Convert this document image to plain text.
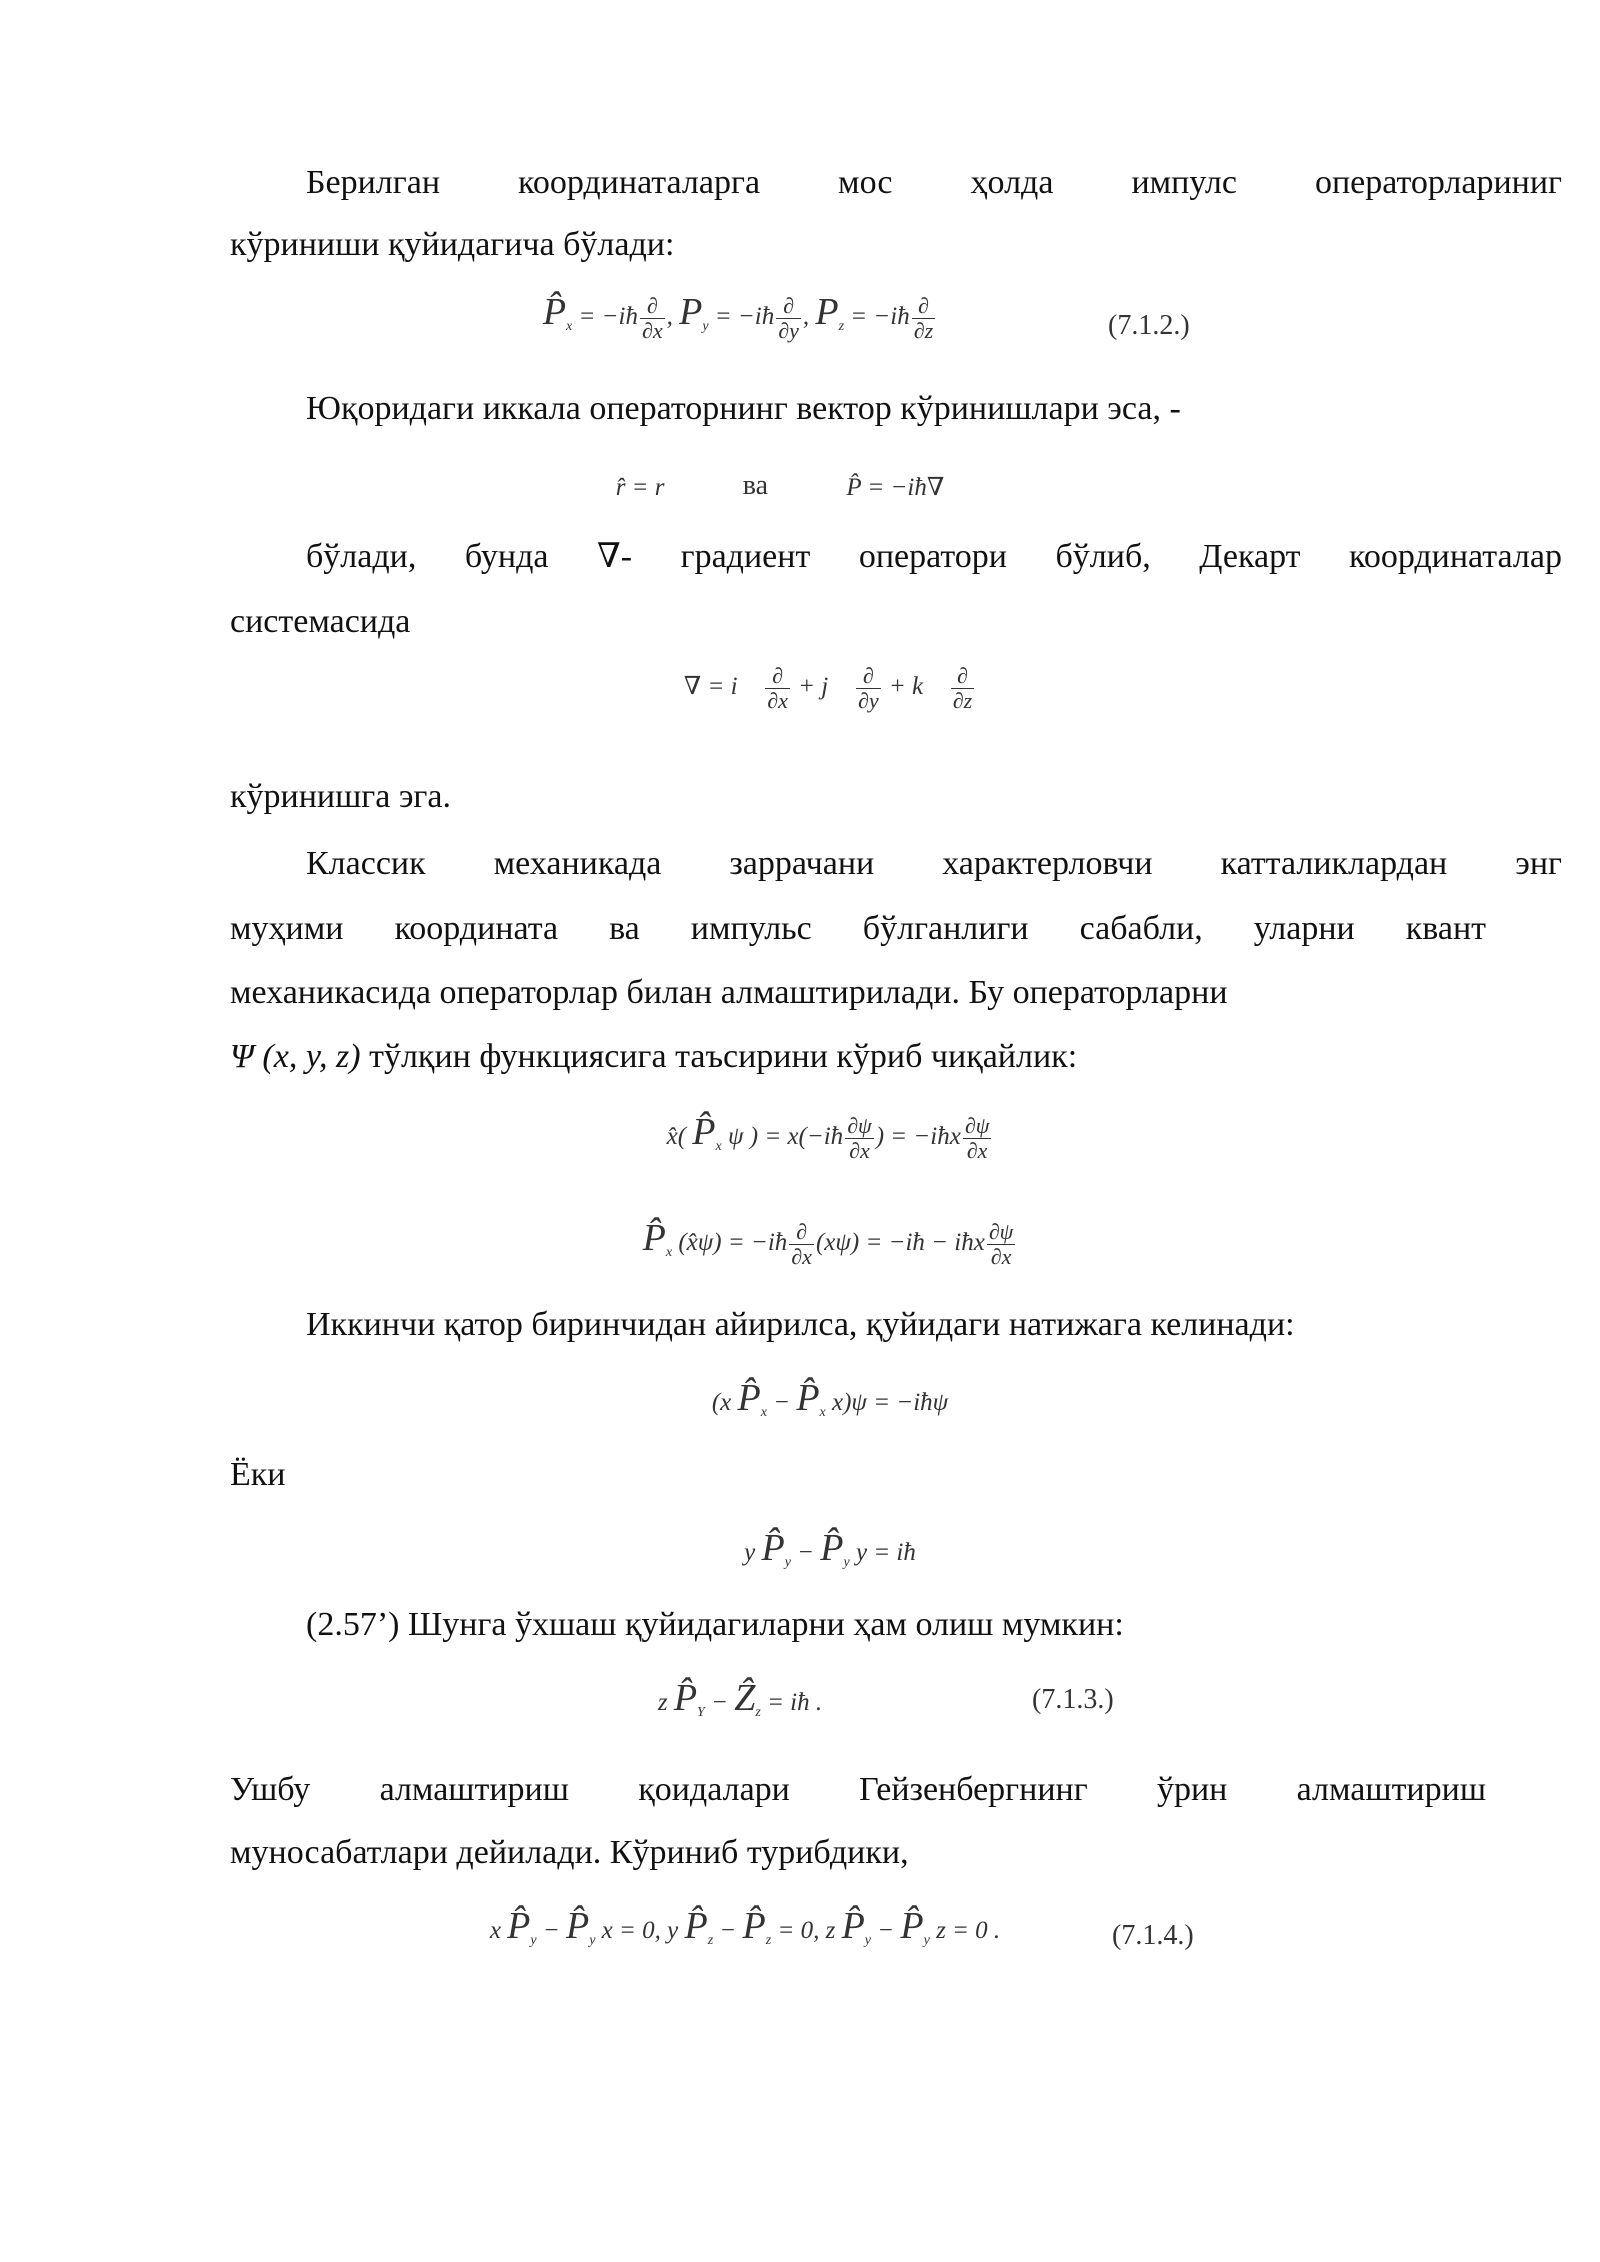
Берилган координаталарга мос ҳолда импулс операторлариниг

кўриниши қуйидагича бўлади:

$P̂_x$ = −iħ $\frac{\partial}{\partial x}$ , $P_y$ = −iħ $\frac{\partial}{\partial y}$ , $P_z$ = −iħ $\frac{\partial}{\partial z}$	(7.1.2.)

Юқоридаги иккала операторнинг вектор кўринишлари эса, -

r̂ = r	ва	P̂ = −iħ∇

бўлади, бунда ∇- градиент оператори бўлиб, Декарт координаталар

системасида

∇ = i⃗ $\frac{\partial}{\partial x}$ + j⃗ $\frac{\partial}{\partial y}$ + k⃗ $\frac{\partial}{\partial z}$

кўринишга эга.

Классик механикада заррачани характерловчи катталиклардан энг

муҳими координата ва импульс бўлганлиги сабабли, уларни квант

механикасида операторлар билан алмаштирилади. Бу операторларни

Ψ (x, y, z) тўлқин функциясига таъсирини кўриб чиқайлик:

x̂( $P̂_x$ ψ ) = x(−iħ $\frac{\partial\psi}{\partial x}$ ) = −iħx $\frac{\partial\psi}{\partial x}$
$P̂_x$ (x̂ψ) = −iħ $\frac{\partial}{\partial x} (x\psi)$ = −iħ − iħx $\frac{\partial\psi}{\partial x}$

Иккинчи қатор биринчидан айирилса, қуйидаги натижага келинади:

(x $P̂_x$ − $P̂_x$ x)ψ = −iħψ

Ёки

y $P̂_y$ − $P̂_y$ y = iħ

(2.57’) Шунга ўхшаш қуйидагиларни ҳам олиш мумкин:

z $P̂_Y$ − Ẑ$_z$ = iħ .	(7.1.3.)

Ушбу алмаштириш қоидалари Гейзенбергнинг ўрин алмаштириш

муносабатлари дейилади. Кўриниб турибдики,

x $P̂_y$ − $P̂_y$ x = 0, y $P̂_z$ − $P̂_z = 0$, z $P̂_y$ − $P̂_y$ z = 0 .	(7.1.4.)
